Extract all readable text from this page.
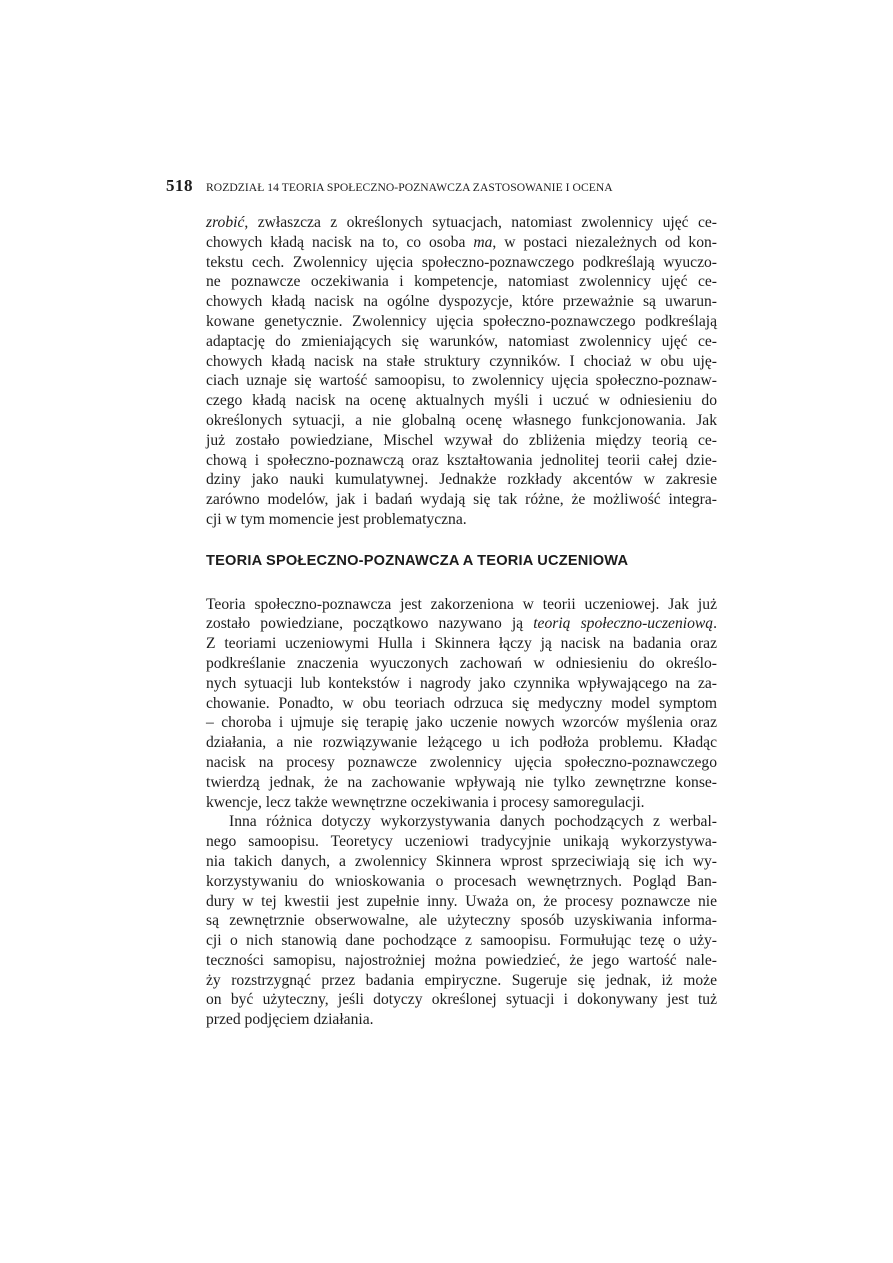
518 ROZDZIAŁ 14 TEORIA SPOŁECZNO-POZNAWCZA ZASTOSOWANIE I OCENA
zrobić, zwłaszcza z określonych sytuacjach, natomiast zwolennicy ujęć ce-
chowych kładą nacisk na to, co osoba ma, w postaci niezależnych od kon-
tekstu cech. Zwolennicy ujęcia społeczno-poznawczego podkreślają wyuczo-
ne poznawcze oczekiwania i kompetencje, natomiast zwolennicy ujęć ce-
chowych kładą nacisk na ogólne dyspozycje, które przeważnie są uwarun-
kowane genetycznie. Zwolennicy ujęcia społeczno-poznawczego podkreślają
adaptację do zmieniających się warunków, natomiast zwolennicy ujęć ce-
chowych kładą nacisk na stałe struktury czynników. I chociaż w obu uję-
ciach uznaje się wartość samoopisu, to zwolennicy ujęcia społeczno-poznaw-
czego kładą nacisk na ocenę aktualnych myśli i uczuć w odniesieniu do
określonych sytuacji, a nie globalną ocenę własnego funkcjonowania. Jak
już zostało powiedziane, Mischel wzywał do zbliżenia między teorią ce-
chową i społeczno-poznawczą oraz kształtowania jednolitej teorii całej dzie-
dziny jako nauki kumulatywnej. Jednakże rozkłady akcentów w zakresie
zarówno modelów, jak i badań wydają się tak różne, że możliwość integra-
cji w tym momencie jest problematyczna.
TEORIA SPOŁECZNO-POZNAWCZA A TEORIA UCZENIOWA
Teoria społeczno-poznawcza jest zakorzeniona w teorii uczeniowej. Jak już
zostało powiedziane, początkowo nazywano ją teorią społeczno-uczeniową.
Z teoriami uczeniowymi Hulla i Skinnera łączy ją nacisk na badania oraz
podkreślanie znaczenia wyuczonych zachowań w odniesieniu do określo-
nych sytuacji lub kontekstów i nagrody jako czynnika wpływającego na za-
chowanie. Ponadto, w obu teoriach odrzuca się medyczny model symptom
– choroba i ujmuje się terapię jako uczenie nowych wzorców myślenia oraz
działania, a nie rozwiązywanie leżącego u ich podłoża problemu. Kładąc
nacisk na procesy poznawcze zwolennicy ujęcia społeczno-poznawczego
twierdzą jednak, że na zachowanie wpływają nie tylko zewnętrzne konse-
kwencje, lecz także wewnętrzne oczekiwania i procesy samoregulacji.
Inna różnica dotyczy wykorzystywania danych pochodzących z werbal-
nego samoopisu. Teoretycy uczeniowi tradycyjnie unikają wykorzystywa-
nia takich danych, a zwolennicy Skinnera wprost sprzeciwiają się ich wy-
korzystywaniu do wnioskowania o procesach wewnętrznych. Pogląd Ban-
dury w tej kwestii jest zupełnie inny. Uważa on, że procesy poznawcze nie
są zewnętrznie obserwowalne, ale użyteczny sposób uzyskiwania informa-
cji o nich stanowią dane pochodzące z samoopisu. Formułując tezę o uży-
teczności samopisu, najostrożniej można powiedzieć, że jego wartość nale-
ży rozstrzygnąć przez badania empiryczne. Sugeruje się jednak, iż może
on być użyteczny, jeśli dotyczy określonej sytuacji i dokonywany jest tuż
przed podjęciem działania.
